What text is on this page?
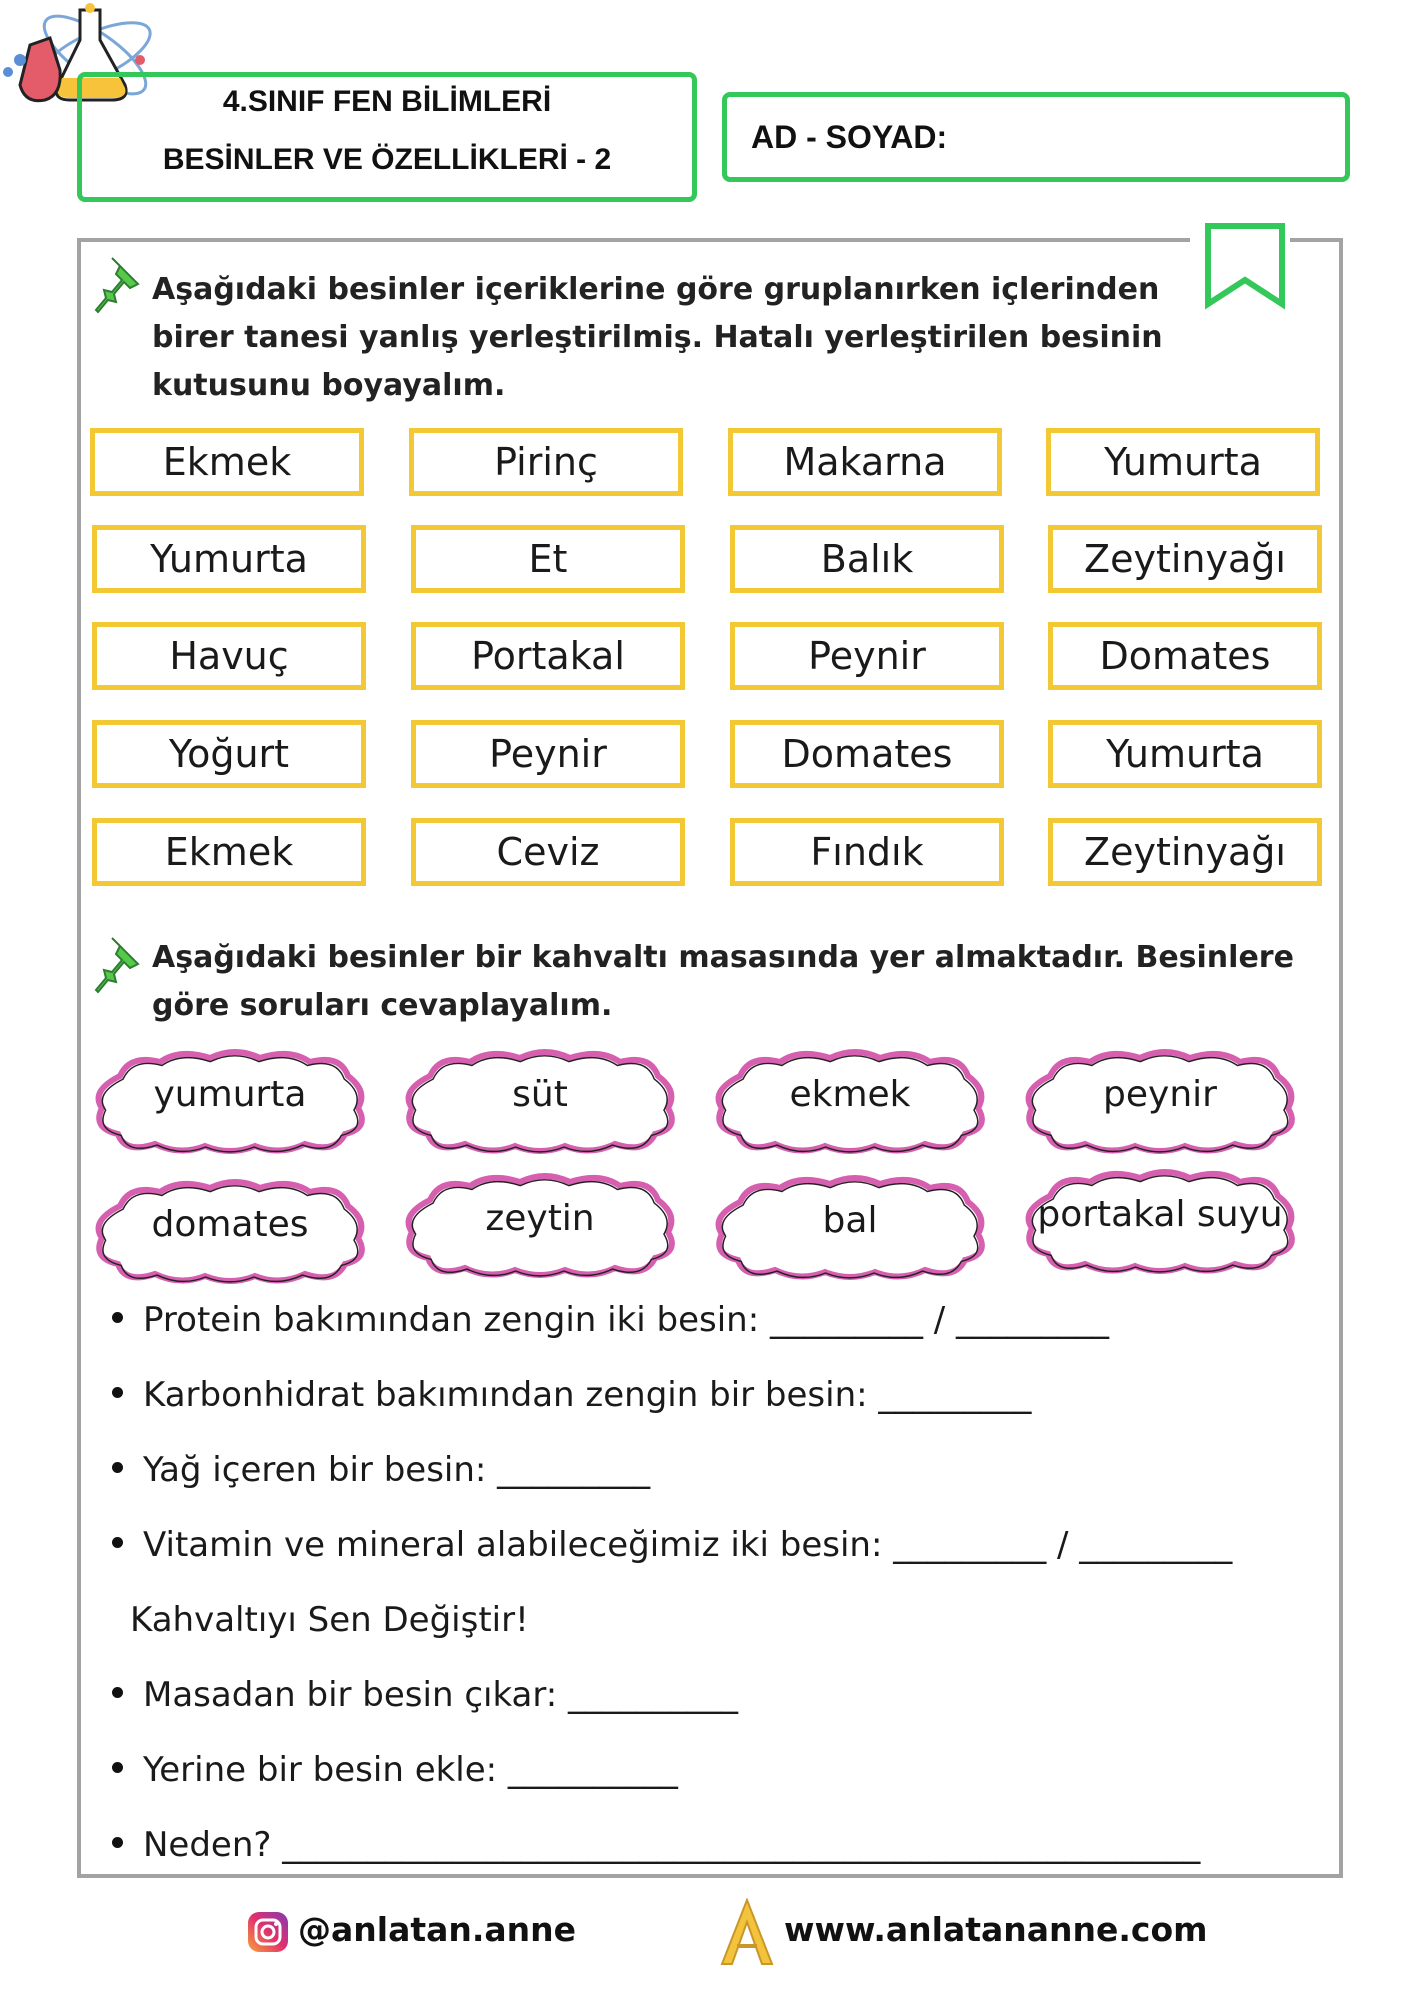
4.SINIF FEN BİLİMLERİ
BESİNLER VE ÖZELLİKLERİ - 2
AD - SOYAD:
Aşağıdaki besinler içeriklerine göre gruplanırken içlerinden
birer tanesi yanlış yerleştirilmiş. Hatalı yerleştirilen besinin
kutusunu boyayalım.
Ekmek	Pirinç	Makarna	Yumurta
Yumurta	Et	Balık	Zeytinyağı
Havuç	Portakal	Peynir	Domates
Yoğurt	Peynir	Domates	Yumurta
Ekmek	Ceviz	Fındık	Zeytinyağı
Aşağıdaki besinler bir kahvaltı masasında yer almaktadır. Besinlere
göre soruları cevaplayalım.
yumurta	süt	ekmek	peynir
domates	zeytin	bal	portakal suyu
Protein bakımından zengin iki besin: _________ / _________
Karbonhidrat bakımından zengin bir besin: _________
Yağ içeren bir besin: _________
Vitamin ve mineral alabileceğimiz iki besin: _________ / _________
Kahvaltıyı Sen Değiştir!
Masadan bir besin çıkar: __________
Yerine bir besin ekle: __________
Neden? ______________________________________________________
@anlatan.anne	www.anlatananne.com
